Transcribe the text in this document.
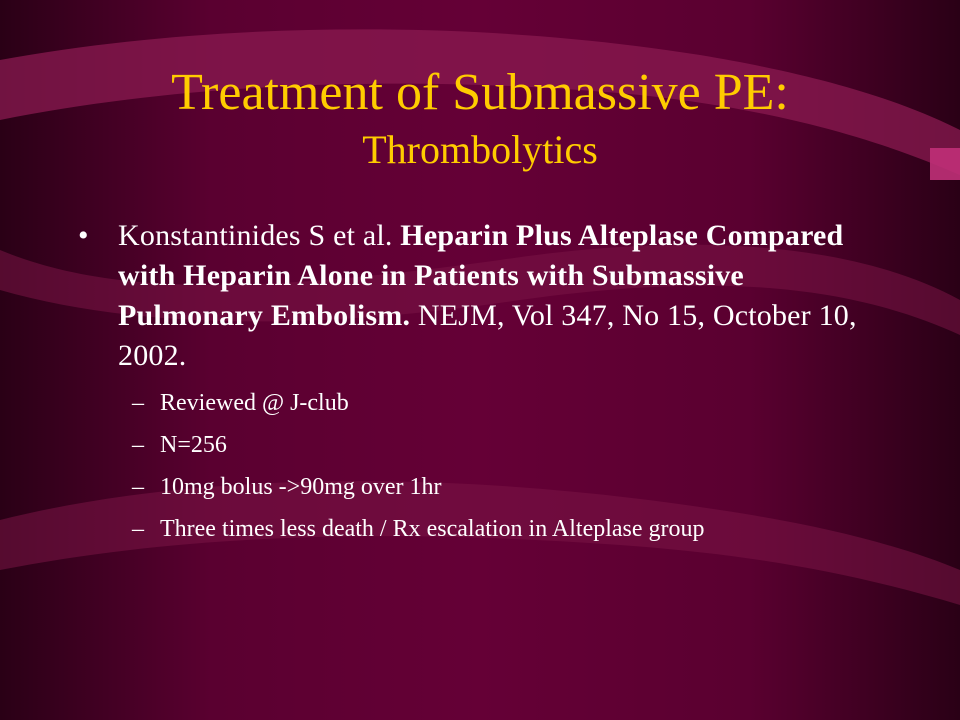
Treatment of Submassive PE:
Thrombolytics
• Konstantinides S et al. Heparin Plus Alteplase Compared with Heparin Alone in Patients with Submassive Pulmonary Embolism. NEJM, Vol 347, No 15, October 10, 2002.
– Reviewed @ J-club
– N=256
– 10mg bolus ->90mg over 1hr
– Three times less death / Rx escalation in Alteplase group
